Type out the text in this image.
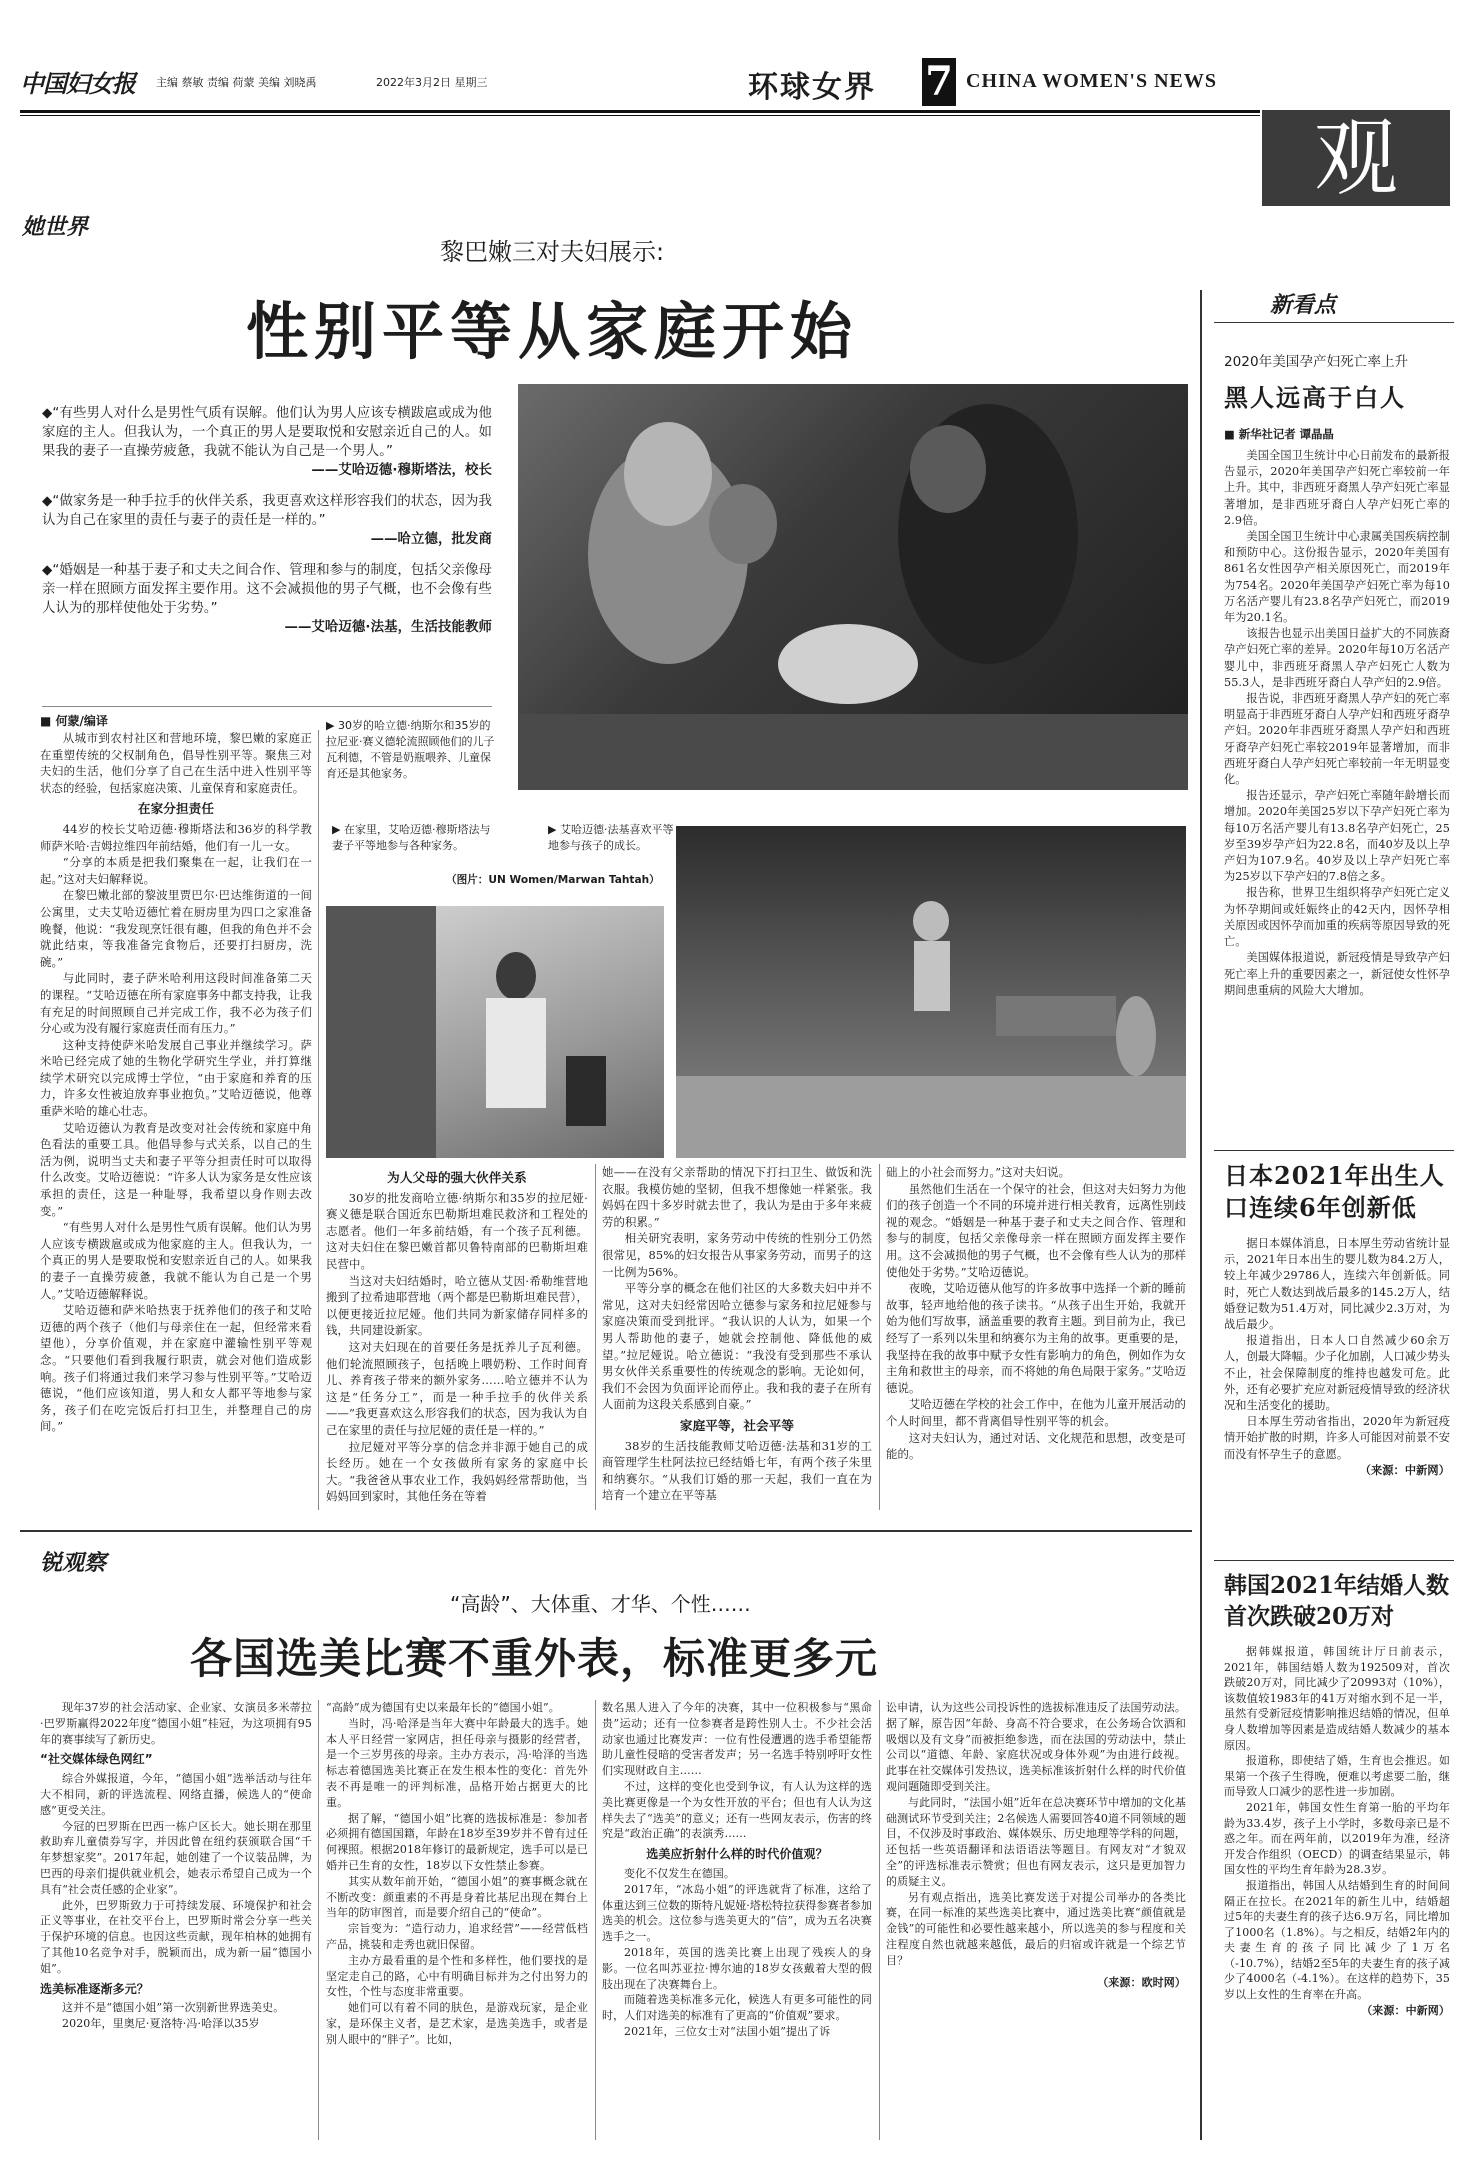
中国妇女报 主编 蔡敏 责编 荷蒙 美编 刘晓禹	2022年3月2日 星期三	环球女界 7 CHINA WOMEN'S NEWS
观
她世界
黎巴嫩三对夫妇展示:
性别平等从家庭开始
◆“有些男人对什么是男性气质有误解。他们认为男人应该专横跋扈或成为他家庭的主人。但我认为，一个真正的男人是要取悦和安慰亲近自己的人。如果我的妻子一直操劳疲惫，我就不能认为自己是一个男人。”
——艾哈迈德·穆斯塔法，校长
◆“做家务是一种手拉手的伙伴关系，我更喜欢这样形容我们的状态，因为我认为自己在家里的责任与妻子的责任是一样的。”
——哈立德，批发商
◆“婚姻是一种基于妻子和丈夫之间合作、管理和参与的制度，包括父亲像母亲一样在照顾方面发挥主要作用。这不会减损他的男子气概，也不会像有些人认为的那样使他处于劣势。”
——艾哈迈德·法基，生活技能教师
▶ 30岁的哈立德·纳斯尔和35岁的拉尼亚·赛义德轮流照顾他们的儿子瓦利德，不管是奶瓶喂养、儿童保育还是其他家务。
▶ 在家里，艾哈迈德·穆斯塔法与妻子平等地参与各种家务。
▶ 艾哈迈德·法基喜欢平等地参与孩子的成长。
（图片：UN Women/Marwan Tahtah）
■ 何蒙/编译

从城市到农村社区和营地环境，黎巴嫩的家庭正在重塑传统的父权制角色，倡导性别平等。聚焦三对夫妇的生活，他们分享了自己在生活中进入性别平等状态的经验，包括家庭决策、儿童保育和家庭责任。

在家分担责任

44岁的校长艾哈迈德·穆斯塔法和36岁的科学教师萨米哈·吉姆拉维四年前结婚，他们有一儿一女。

“分享的本质是把我们聚集在一起，让我们在一起。”这对夫妇解释说。

在黎巴嫩北部的黎波里贾巴尔·巴达维街道的一间公寓里，丈夫艾哈迈德忙着在厨房里为四口之家准备晚餐，他说：“我发现烹饪很有趣，但我的角色并不会就此结束，等我准备完食物后，还要打扫厨房，洗碗。”

与此同时，妻子萨米哈利用这段时间准备第二天的课程。“艾哈迈德在所有家庭事务中都支持我，让我有充足的时间照顾自己并完成工作，我不必为孩子们分心或为没有履行家庭责任而有压力。”

这种支持使萨米哈发展自己事业并继续学习。萨米哈已经完成了她的生物化学研究生学业，并打算继续学术研究以完成博士学位，“由于家庭和养育的压力，许多女性被迫放弃事业抱负。”艾哈迈德说，他尊重萨米哈的雄心壮志。

艾哈迈德认为教育是改变对社会传统和家庭中角色看法的重要工具。他倡导参与式关系，以自己的生活为例，说明当丈夫和妻子平等分担责任时可以取得什么改变。艾哈迈德说：“许多人认为家务是女性应该承担的责任，这是一种耻辱，我希望以身作则去改变。”

“有些男人对什么是男性气质有误解。他们认为男人应该专横跋扈或成为他家庭的主人。但我认为，一个真正的男人是要取悦和安慰亲近自己的人。如果我的妻子一直操劳疲惫，我就不能认为自己是一个男人。”艾哈迈德解释说。

艾哈迈德和萨米哈热衷于抚养他们的孩子和艾哈迈德的两个孩子（他们与母亲住在一起，但经常来看望他），分享价值观，并在家庭中灌输性别平等观念。“只要他们看到我履行职责，就会对他们造成影响。孩子们将通过我们来学习参与性别平等。”艾哈迈德说，“他们应该知道，男人和女人都平等地参与家务，孩子们在吃完饭后打扫卫生，并整理自己的房间。”

为人父母的强大伙伴关系

30岁的批发商哈立德·纳斯尔和35岁的拉尼娅·赛义德是联合国近东巴勒斯坦难民救济和工程处的志愿者。他们一年多前结婚，有一个孩子瓦利德。这对夫妇住在黎巴嫩首都贝鲁特南部的巴勒斯坦难民营中。

当这对夫妇结婚时，哈立德从艾因·希勒维营地搬到了拉希迪耶营地（两个都是巴勒斯坦难民营），以便更接近拉尼娅。他们共同为新家储存同样多的钱，共同建设新家。

这对夫妇现在的首要任务是抚养儿子瓦利德。他们轮流照顾孩子，包括晚上喂奶粉、工作时间育儿、养育孩子带来的额外家务……哈立德并不认为这是“任务分工”，而是一种手拉手的伙伴关系——“我更喜欢这么形容我们的状态，因为我认为自己在家里的责任与拉尼娅的责任是一样的。”

拉尼娅对平等分享的信念并非源于她自己的成长经历。她在一个女孩做所有家务的家庭中长大。“我爸爸从事农业工作，我妈妈经常帮助他，当妈妈回到家时，其他任务在等着

她——在没有父亲帮助的情况下打扫卫生、做饭和洗衣服。我模仿她的坚韧，但我不想像她一样紧张。我妈妈在四十多岁时就去世了，我认为是由于多年来疲劳的积累。”

相关研究表明，家务劳动中传统的性别分工仍然很常见，85%的妇女报告从事家务劳动，而男子的这一比例为56%。

平等分享的概念在他们社区的大多数夫妇中并不常见，这对夫妇经常因哈立德参与家务和拉尼娅参与家庭决策而受到批评。“我认识的人认为，如果一个男人帮助他的妻子，她就会控制他、降低他的威望。”拉尼娅说。哈立德说：“我没有受到那些不承认男女伙伴关系重要性的传统观念的影响。无论如何，我们不会因为负面评论而停止。我和我的妻子在所有人面前为这段关系感到自豪。”

家庭平等，社会平等

38岁的生活技能教师艾哈迈德·法基和31岁的工商管理学生杜阿法拉已经结婚七年，有两个孩子朱里和纳赛尔。“从我们订婚的那一天起，我们一直在为培育一个建立在平等基

础上的小社会而努力。”这对夫妇说。

虽然他们生活在一个保守的社会，但这对夫妇努力为他们的孩子创造一个不同的环境并进行相关教育，远离性别歧视的观念。“婚姻是一种基于妻子和丈夫之间合作、管理和参与的制度，包括父亲像母亲一样在照顾方面发挥主要作用。这不会减损他的男子气概，也不会像有些人认为的那样使他处于劣势。”艾哈迈德说。

夜晚，艾哈迈德从他写的许多故事中选择一个新的睡前故事，轻声地给他的孩子读书。“从孩子出生开始，我就开始为他们写故事，涵盖重要的教育主题。到目前为止，我已经写了一系列以朱里和纳赛尔为主角的故事。更重要的是，我坚持在我的故事中赋予女性有影响力的角色，例如作为女主角和救世主的母亲，而不将她的角色局限于家务。”艾哈迈德说。

艾哈迈德在学校的社会工作中，在他为儿童开展活动的个人时间里，都不背离倡导性别平等的机会。

这对夫妇认为，通过对话、文化规范和思想，改变是可能的。

新看点
2020年美国孕产妇死亡率上升
黑人远高于白人
■ 新华社记者 谭晶晶

美国全国卫生统计中心日前发布的最新报告显示，2020年美国孕产妇死亡率较前一年上升。其中，非西班牙裔黑人孕产妇死亡率显著增加，是非西班牙裔白人孕产妇死亡率的2.9倍。

美国全国卫生统计中心隶属美国疾病控制和预防中心。这份报告显示，2020年美国有861名女性因孕产相关原因死亡，而2019年为754名。2020年美国孕产妇死亡率为每10万名活产婴儿有23.8名孕产妇死亡，而2019年为20.1名。

该报告也显示出美国日益扩大的不同族裔孕产妇死亡率的差异。2020年每10万名活产婴儿中，非西班牙裔黑人孕产妇死亡人数为55.3人，是非西班牙裔白人孕产妇的2.9倍。

报告说，非西班牙裔黑人孕产妇的死亡率明显高于非西班牙裔白人孕产妇和西班牙裔孕产妇。2020年非西班牙裔黑人孕产妇和西班牙裔孕产妇死亡率较2019年显著增加，而非西班牙裔白人孕产妇死亡率较前一年无明显变化。

报告还显示，孕产妇死亡率随年龄增长而增加。2020年美国25岁以下孕产妇死亡率为每10万名活产婴儿有13.8名孕产妇死亡，25岁至39岁孕产妇为22.8名，而40岁及以上孕产妇为107.9名。40岁及以上孕产妇死亡率为25岁以下孕产妇的7.8倍之多。

报告称，世界卫生组织将孕产妇死亡定义为怀孕期间或妊娠终止的42天内，因怀孕相关原因或因怀孕而加重的疾病等原因导致的死亡。

美国媒体报道说，新冠疫情是导致孕产妇死亡率上升的重要因素之一，新冠使女性怀孕期间患重病的风险大大增加。

日本2021年出生人口连续6年创新低

据日本媒体消息，日本厚生劳动省统计显示，2021年日本出生的婴儿数为84.2万人，较上年减少29786人，连续六年创新低。同时，死亡人数达到战后最多的145.2万人，结婚登记数为51.4万对，同比减少2.3万对，为战后最少。

报道指出，日本人口自然减少60余万人，创最大降幅。少子化加剧，人口减少势头不止，社会保障制度的维持也越发可危。此外，还有必要扩充应对新冠疫情导致的经济状况和生活变化的援助。

日本厚生劳动省指出，2020年为新冠疫情开始扩散的时期，许多人可能因对前景不安而没有怀孕生子的意愿。

（来源：中新网）
韩国2021年结婚人数首次跌破20万对

据韩媒报道，韩国统计厅日前表示，2021年，韩国结婚人数为192509对，首次跌破20万对，同比减少了20993对（10%），该数值较1983年的41万对缩水到不足一半，虽然有受新冠疫情影响推迟结婚的情况，但单身人数增加等因素是造成结婚人数减少的基本原因。

报道称，即使结了婚，生育也会推迟。如果第一个孩子生得晚，便难以考虑要二胎，继而导致人口减少的恶性进一步加剧。

2021年，韩国女性生育第一胎的平均年龄为33.4岁，孩子上小学时，多数母亲已是不惑之年。而在两年前，以2019年为准，经济开发合作组织（OECD）的调查结果显示，韩国女性的平均生育年龄为28.3岁。

报道指出，韩国人从结婚到生育的时间间隔正在拉长。在2021年的新生儿中，结婚超过5年的夫妻生育的孩子达6.9万名，同比增加了1000名（1.8%）。与之相反，结婚2年内的夫妻生育的孩子同比减少了1万名（-10.7%），结婚2至5年的夫妻生育的孩子减少了4000名（-4.1%）。在这样的趋势下，35岁以上女性的生育率在升高。

（来源：中新网）
锐观察
“高龄”、大体重、才华、个性……
各国选美比赛不重外表，标准更多元

现年37岁的社会活动家、企业家、女演员多米蒂拉·巴罗斯赢得2022年度“德国小姐”桂冠，为这项拥有95年的赛事续写了新历史。

“社交媒体绿色网红”

综合外媒报道，今年，“德国小姐”选举活动与往年大不相同，新的评选流程、网络直播，候选人的“使命感”更受关注。

今冠的巴罗斯在巴西一栋户区长大。她长期在那里救助弃儿童债券写字，并因此曾在纽约获颁联合国“千年梦想家奖”。2017年起，她创建了一个议装品牌，为巴西的母亲们提供就业机会，她表示希望自己成为一个具有“社会责任感的企业家”。

此外，巴罗斯致力于可持续发展、环境保护和社会正义等事业，在社交平台上，巴罗斯时常会分享一些关于保护环境的信息。也因这些贡献，现年柏林的她拥有了其他10名竞争对手，脱颖而出，成为新一届“德国小姐”。

选美标准逐渐多元？

这并不是“德国小姐”第一次别新世界选美史。

2020年，里奥尼·夏洛特·冯·哈泽以35岁

“高龄”成为德国有史以来最年长的“德国小姐”。

当时，冯·哈泽是当年大赛中年龄最大的选手。她本人平日经营一家网店，担任母亲与摄影的经营者，是一个三岁男孩的母亲。主办方表示，冯·哈泽的当选标志着德国选美比赛正在发生根本性的变化：首先外表不再是唯一的评判标准，品格开始占据更大的比重。

据了解，“德国小姐”比赛的选拔标准是：参加者必须拥有德国国籍，年龄在18岁至39岁并不曾有过任何裸照。根据2018年修订的最新规定，选手可以是已婚并已生育的女性，18岁以下女性禁止参赛。

其实从数年前开始，“德国小姐”的赛事概念就在不断改变：颜重素的不再是身着比基尼出现在舞台上当年的防审图首，而是要介绍自己的“使命”。

宗旨变为：“造行动力，追求经营”——经营低档产品，挑装和走秀也就旧保留。

主办方最看重的是个性和多样性，他们要找的是坚定走自己的路，心中有明确目标并为之付出努力的女性，个性与态度非常重要。

她们可以有着不同的肤色，是游戏玩家，是企业家，是环保主义者，是艺术家，是选美选手，或者是别人眼中的“胖子”。比如，

数名黑人进入了今年的决赛，其中一位积极参与“黑命贵”运动；还有一位参赛者是跨性别人士。不少社会活动家也通过比赛发声：一位有性侵遭遇的选手希望能帮助儿童性侵暗的受害者发声；另一名选手特别呼吁女性们实现财政自主……

不过，这样的变化也受到争议，有人认为这样的选美比赛更像是一个为女性开放的平台；但也有人认为这样失去了“选美”的意义；还有一些网友表示，伤害的终究是“政治正确”的表演秀……

选美应折射什么样的时代价值观？

变化不仅发生在德国。

2017年，“冰岛小姐”的评选就背了标准，这给了体重达到三位数的斯特凡妮娅·塔松特拉获得参赛者参加选美的机会。这位参与选美更大的“信”，成为五名决赛选手之一。

2018年，英国的选美比赛上出现了残疾人的身影。一位名叫苏亚拉·博尔迪的18岁女孩戴着大型的假肢出现在了决赛舞台上。

而随着选美标准多元化，候选人有更多可能性的同时，人们对选美的标准有了更高的“价值观”要求。

2021年，三位女士对“法国小姐”提出了诉

讼申请，认为这些公司投诉性的选拔标准违反了法国劳动法。据了解，原告因“年龄、身高不符合要求，在公务场合饮酒和吸烟以及有文身”而被拒绝参选，而在法国的劳动法中，禁止公司以“道德、年龄、家庭状况或身体外观”为由进行歧视。此事在社交媒体引发热议，选美标准该折射什么样的时代价值观问题随即受到关注。

与此同时，“法国小姐”近年在总决赛环节中增加的文化基础测试环节受到关注；2名候选人需要回答40道不同领域的题目，不仅涉及时事政治、媒体娱乐、历史地理等学科的问题，还包括一些英语翻译和法语语法等题目。有网友对“才貌双全”的评选标准表示赞赏；但也有网友表示，这只是更加智力的质疑主义。

另有观点指出，选美比赛发送于对提公司举办的各类比赛，在同一标准的某些选美比赛中，通过选美比赛“颜值就是金钱”的可能性和必要性越来越小，所以选美的参与程度和关注程度自然也就越来越低，最后的归宿或许就是一个综艺节目？

（来源：欧时网）
